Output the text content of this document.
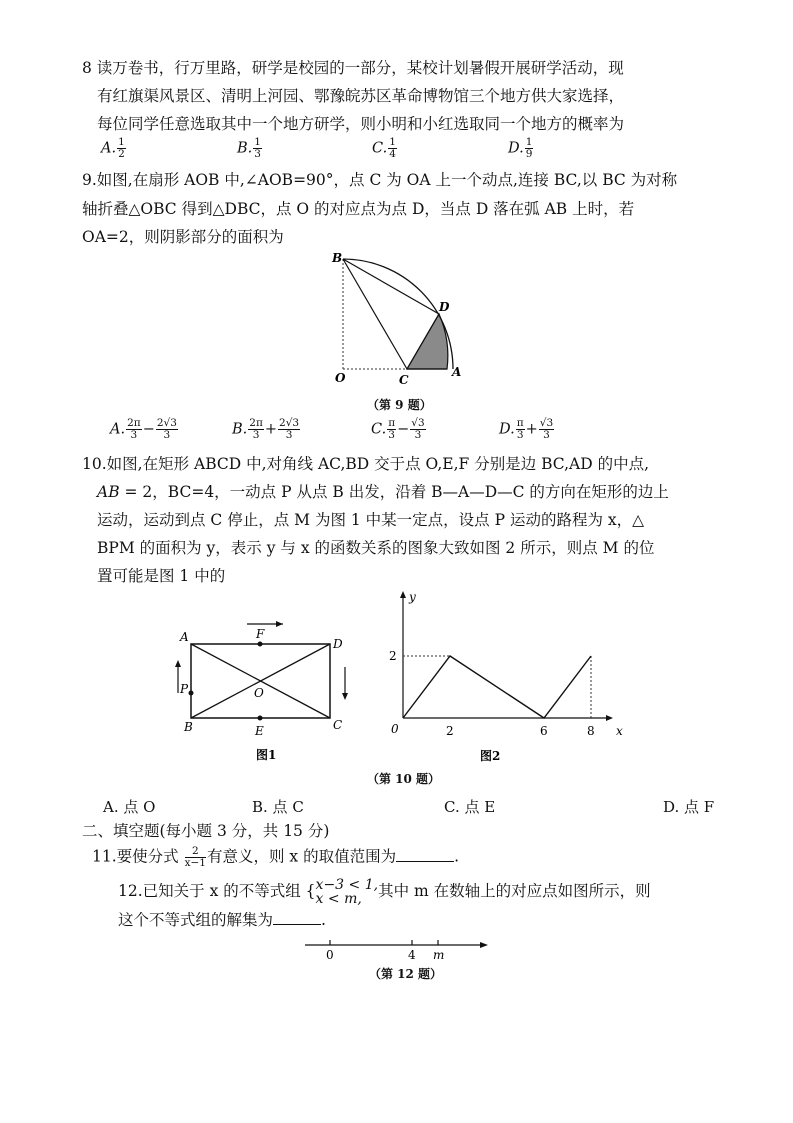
8 读万卷书，行万里路，研学是校园的一部分，某校计划暑假开展研学活动，现
有红旗渠风景区、清明上河园、鄂豫皖苏区革命博物馆三个地方供大家选择，
每位同学任意选取其中一个地方研学，则小明和小红选取同一个地方的概率为
A. $\frac{1}{2}$	B. $\frac{1}{3}$	C. $\frac{1}{4}$	D. $\frac{1}{9}$
9.如图,在扇形 AOB 中,∠AOB=90°，点 C 为 OA 上一个动点,连接 BC,以 BC 为对称
轴折叠△OBC 得到△DBC，点 O 的对应点为点 D，当点 D 落在弧 AB 上时，若
OA=2，则阴影部分的面积为
B
D
O	C
A
（第 9 题）
A. $\frac{2\pi}{3} - \frac{2√3}{3}$	B. $\frac{2\pi}{3} + \frac{2√3}{3}$	C. $\frac{\pi}{3} - \frac{√3}{3}$	D. $\frac{\pi}{3} + \frac{√3}{3}$
10.如图,在矩形 ABCD 中,对角线 AC,BD 交于点 O,E,F 分别是边 BC,AD 的中点,
AB = 2，BC=4，一动点 P 从点 B 出发，沿着 B—A—D—C 的方向在矩形的边上
运动，运动到点 C 停止，点 M 为图 1 中某一定点，设点 P 运动的路程为 x，△
BPM 的面积为 y，表示 y 与 x 的函数关系的图象大致如图 2 所示，则点 M 的位
置可能是图 1 中的
A	F
D
P	O
B	E	C
图1
y
x
0
2
2	6	8
图2
（第 10 题）
A. 点 O	B. 点 C	C. 点 E	D. 点 F
二、填空题(每小题 3 分，共 15 分)
11.要使分式 $\frac{2}{x-1}$ 有意义，则 x 的取值范围为	.
12.已知关于 x 的不等式组 { x−3 < 1,
x < m,	其中 m 在数轴上的对应点如图所示，则
这个不等式组的解集为	.
0	4 m
（第 12 题）
